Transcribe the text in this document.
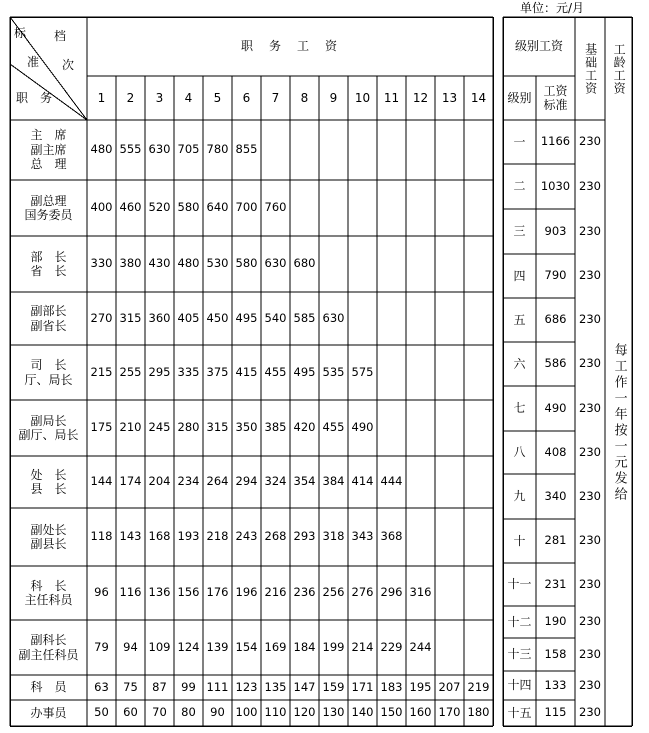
单位：元/月
标 档
准 次
职　务
职　务　工　资
1	2	3	4	5	6	7	8	9	10	11	12	13	14
级别工资
级别
工资
标准
基础工资	工龄工资
主　席
副主席
总　理
480 555 630 705 780 855
副总理
国务委员
400 460 520 580 640 700 760
部　长
省　长
330 380 430 480 530 580 630 680
副部长
副省长
270 315 360 405 450 495 540 585 630
司　长
厅、局长
215 255 295 335 375 415 455 495 535 575
副局长
副厅、局长
175 210 245 280 315 350 385 420 455 490
处　长
县　长
144 174 204 234 264 294 324 354 384 414 444
副处长
副县长
118 143 168 193 218 243 268 293 318 343 368
科　长
主任科员
96 116 136 156 176 196 216 236 256 276 296 316
副科长
副主任科员
79	94 109 124 139 154 169 184 199 214 229 244
科　员	63	75	87	99 111 123 135 147 159 171 183 195 207 219
办事员	50	60	70	80	90 100 110 120 130 140 150 160 170 180
一	1166 230
二	1030 230
三	903	230
四	790	230
五	686	230
六	586	230
七	490	230
八	408	230
九	340	230
十	281	230
十一	231	230
十二	190	230
十三	158	230
十四	133	230
十五	115	230
每工作一年按一元发给
